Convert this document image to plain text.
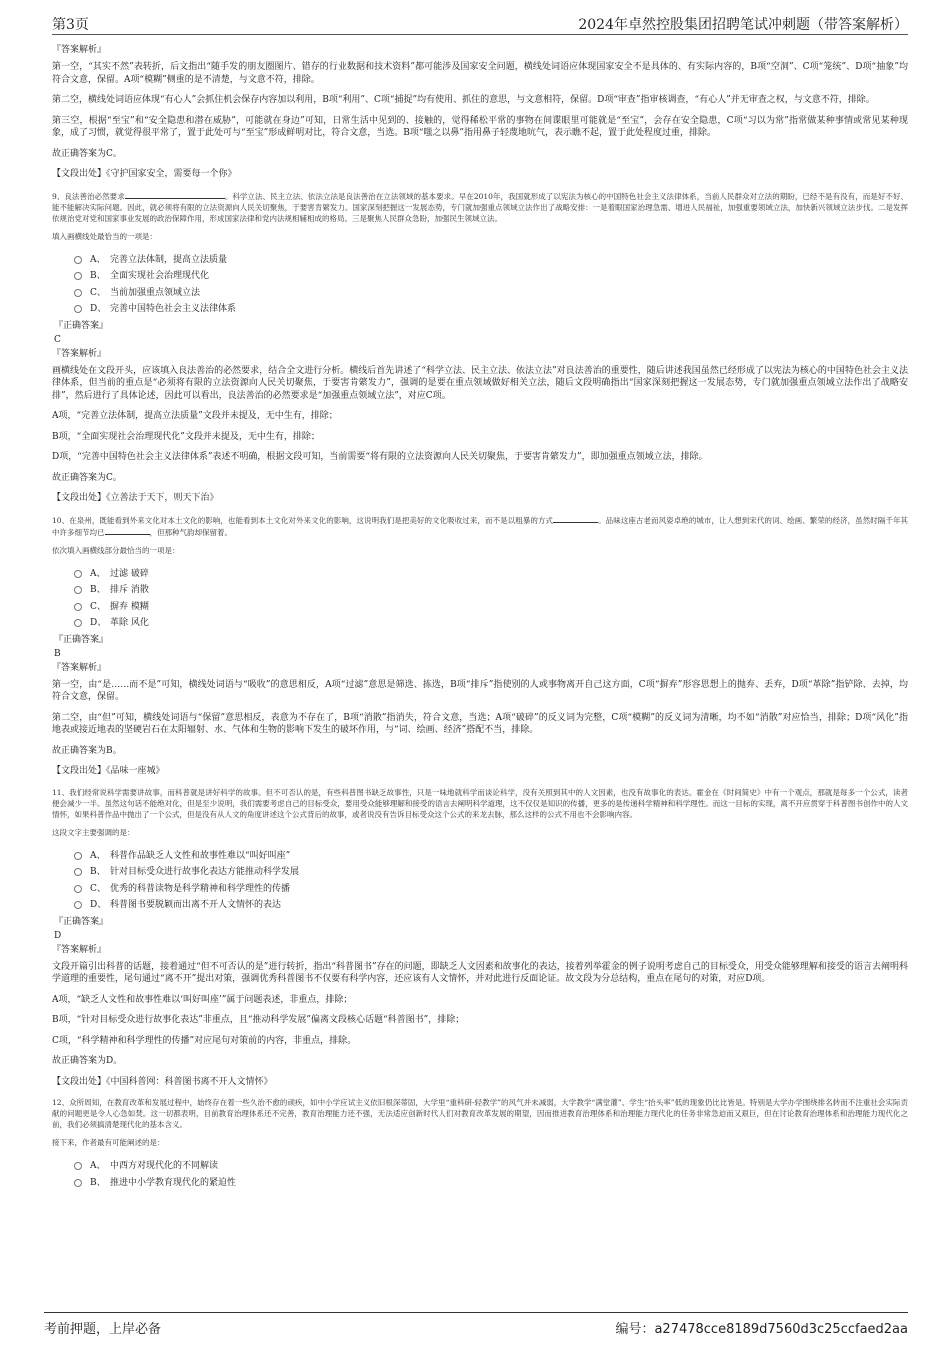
第3页	2024年卓然控股集团招聘笔试冲刺题（带答案解析）
『答案解析』

第一空，“其实不然”表转折，后文指出“随手发的朋友圈图片、错存的行业数据和技术资料”都可能涉及国家安全问题，横线处词语应体现国家安全不是具体的、有实际内容的，B项“空洞”、C项“笼统”、D项“抽象”均符合文意，保留。A项“模糊”侧重的是不清楚，与文意不符，排除。

第二空，横线处词语应体现“有心人”会抓住机会保存内容加以利用，B项“利用”、C项“捕捉”均有使用、抓住的意思，与文意相符，保留。D项“审查”指审核调查，“有心人”并无审查之权，与文意不符，排除。

第三空，根据“至宝”和“安全隐患和潜在威胁”，可能就在身边”可知，日常生活中见到的、接触的，觉得稀松平常的事物在间谍眼里可能就是“至宝”，会存在安全隐患，C项“习以为常”指常做某种事情或常见某种现象，成了习惯，就觉得很平常了，置于此处可与“至宝”形成鲜明对比，符合文意，当选。B项“嗤之以鼻”指用鼻子轻蔑地吭气，表示瞧不起，置于此处程度过重，排除。

故正确答案为C。

【文段出处】《守护国家安全，需要每一个你》

9、良法善治必然要求	。科学立法、民主立法、依法立法是良法善治在立法领域的基本要求。早在2010年，我国就形成了以宪法为核心的中国特色社会主义法律体系，当前人民群众对立法的期盼，已经不是有没有，而是好不好、能不能解决实际问题。因此，就必须将有限的立法资源向人民关切聚焦，于要害肯綮发力。国家深刻把握这一发展态势，专门就加强重点领域立法作出了战略安排：一是着眼国家治理急需、增进人民福祉，加强重要领域立法，加快新兴领域立法步伐。二是发挥依规治党对党和国家事业发展的政治保障作用，形成国家法律和党内法规相辅相成的格局。三是聚焦人民群众急盼，加强民生领域立法。

填入画横线处最恰当的一项是：

A、 完善立法体制，提高立法质量
B、 全面实现社会治理现代化
C、 当前加强重点领域立法
D、 完善中国特色社会主义法律体系
『正确答案』
C
『答案解析』

画横线处在文段开头，应该填入良法善治的必然要求，结合全文进行分析。横线后首先讲述了“科学立法、民主立法、依法立法”对良法善治的重要性，随后讲述我国虽然已经形成了以宪法为核心的中国特色社会主义法律体系，但当前的重点是“必须将有限的立法资源向人民关切聚焦，于要害肯綮发力”，强调的是要在重点领域做好相关立法，随后文段明确指出“国家深刻把握这一发展态势，专门就加强重点领域立法作出了战略安排”，然后进行了具体论述，因此可以看出，良法善治的必然要求是“加强重点领域立法”，对应C项。

A项，“完善立法体制，提高立法质量”文段并未提及，无中生有，排除；

B项，“全面实现社会治理现代化”文段并未提及，无中生有，排除；

D项，“完善中国特色社会主义法律体系”表述不明确，根据文段可知，当前需要“将有限的立法资源向人民关切聚焦，于要害肯綮发力”，即加强重点领域立法，排除。

故正确答案为C。

【文段出处】《立善法于天下，则天下治》

10、在泉州，既能看到外来文化对本土文化的影响，也能看到本土文化对外来文化的影响，这说明我们是把美好的文化吸收过来，而不是以粗暴的方式	。品味这座古老而风姿卓绝的城市，让人想到宋代的词、绘画、繁荣的经济，虽然时隔千年其中许多细节均已	，但那种气韵却保留着。

依次填入画横线部分最恰当的一项是：

A、 过滤 破碎
B、 排斥 消散
C、 摒弃 模糊
D、 革除 风化
『正确答案』
B
『答案解析』

第一空，由“是……而不是”可知，横线处词语与“吸收”的意思相反，A项“过滤”意思是筛选、拣选，B项“排斥”指使别的人或事物离开自己这方面，C项“摒弃”形容思想上的抛弃、丢弃，D项“革除”指铲除、去掉，均符合文意，保留。

第二空，由“但”可知，横线处词语与“保留”意思相反，表意为不存在了，B项“消散”指消失，符合文意，当选；A项“破碎”的反义词为完整，C项“模糊”的反义词为清晰，均不如“消散”对应恰当，排除；D项“风化”指地表或接近地表的坚硬岩石在太阳辐射、水、气体和生物的影响下发生的破坏作用，与“词、绘画、经济”搭配不当，排除。

故正确答案为B。

【文段出处】《品味一座城》

11、我们经常说科学需要讲故事，而科普就是讲好科学的故事。但不可否认的是，有些科普图书缺乏故事性，只是一味地就科学而谈论科学，没有关照到其中的人文因素，也没有故事化的表达。霍金在《时间简史》中有一个观点，那就是每多一个公式，读者便会减少一半。虽然这句话不能绝对化，但是至少说明，我们需要考虑自己的目标受众，要用受众能够理解和接受的语言去阐明科学道理，这不仅仅是知识的传播，更多的是传递科学精神和科学理性。而这一目标的实现，离不开应贯穿于科普图书创作中的人文情怀，如果科普作品中抛出了一个公式，但是没有从人文的角度讲述这个公式背后的故事，或者说没有告诉目标受众这个公式的来龙去脉，那么这样的公式不用也不会影响内容。

这段文字主要强调的是：

A、 科普作品缺乏人文性和故事性难以“叫好叫座”
B、 针对目标受众进行故事化表达方能推动科学发展
C、 优秀的科普读物是科学精神和科学理性的传播
D、 科普图书要脱颖而出离不开人文情怀的表达
『正确答案』
D
『答案解析』

文段开篇引出科普的话题，接着通过“但不可否认的是”进行转折，指出“科普图书”存在的问题，即缺乏人文因素和故事化的表达，接着列举霍金的例子说明考虑自己的目标受众，用受众能够理解和接受的语言去阐明科学道理的重要性，尾句通过“离不开”提出对策，强调优秀科普图书不仅要有科学内容，还应该有人文情怀，并对此进行反面论证。故文段为分总结构，重点在尾句的对策，对应D项。

A项，“缺乏人文性和故事性难以‘叫好叫座’”属于问题表述，非重点，排除；

B项，“针对目标受众进行故事化表达”非重点，且“推动科学发展”偏离文段核心话题“科普图书”，排除；

C项，“科学精神和科学理性的传播”对应尾句对策前的内容，非重点，排除。

故正确答案为D。

【文段出处】《中国科普网：科普图书离不开人文情怀》

12、众所周知，在教育改革和发展过程中，始终存在着一些久治不愈的顽疾，如中小学应试主义依旧根深蒂固，大学里“重科研-轻教学”的风气并未减弱，大学教学“满堂灌”、学生“抬头率”低的现象仍比比皆是。特别是大学办学围绕排名转而不注重社会实际贡献的问题更是令人心急如焚。这一切都表明，目前教育治理体系还不完善，教育治理能力还不强，无法适应创新时代人们对教育改革发展的期望，因而推进教育治理体系和治理能力现代化的任务非常急迫而又艰巨，但在讨论教育治理体系和治理能力现代化之前，我们必须搞清楚现代化的基本含义。

接下来，作者最有可能阐述的是：

A、 中西方对现代化的不同解读
B、 推进中小学教育现代化的紧迫性
考前押题，上岸必备	编号：a27478cce8189d7560d3c25ccfaed2aa
